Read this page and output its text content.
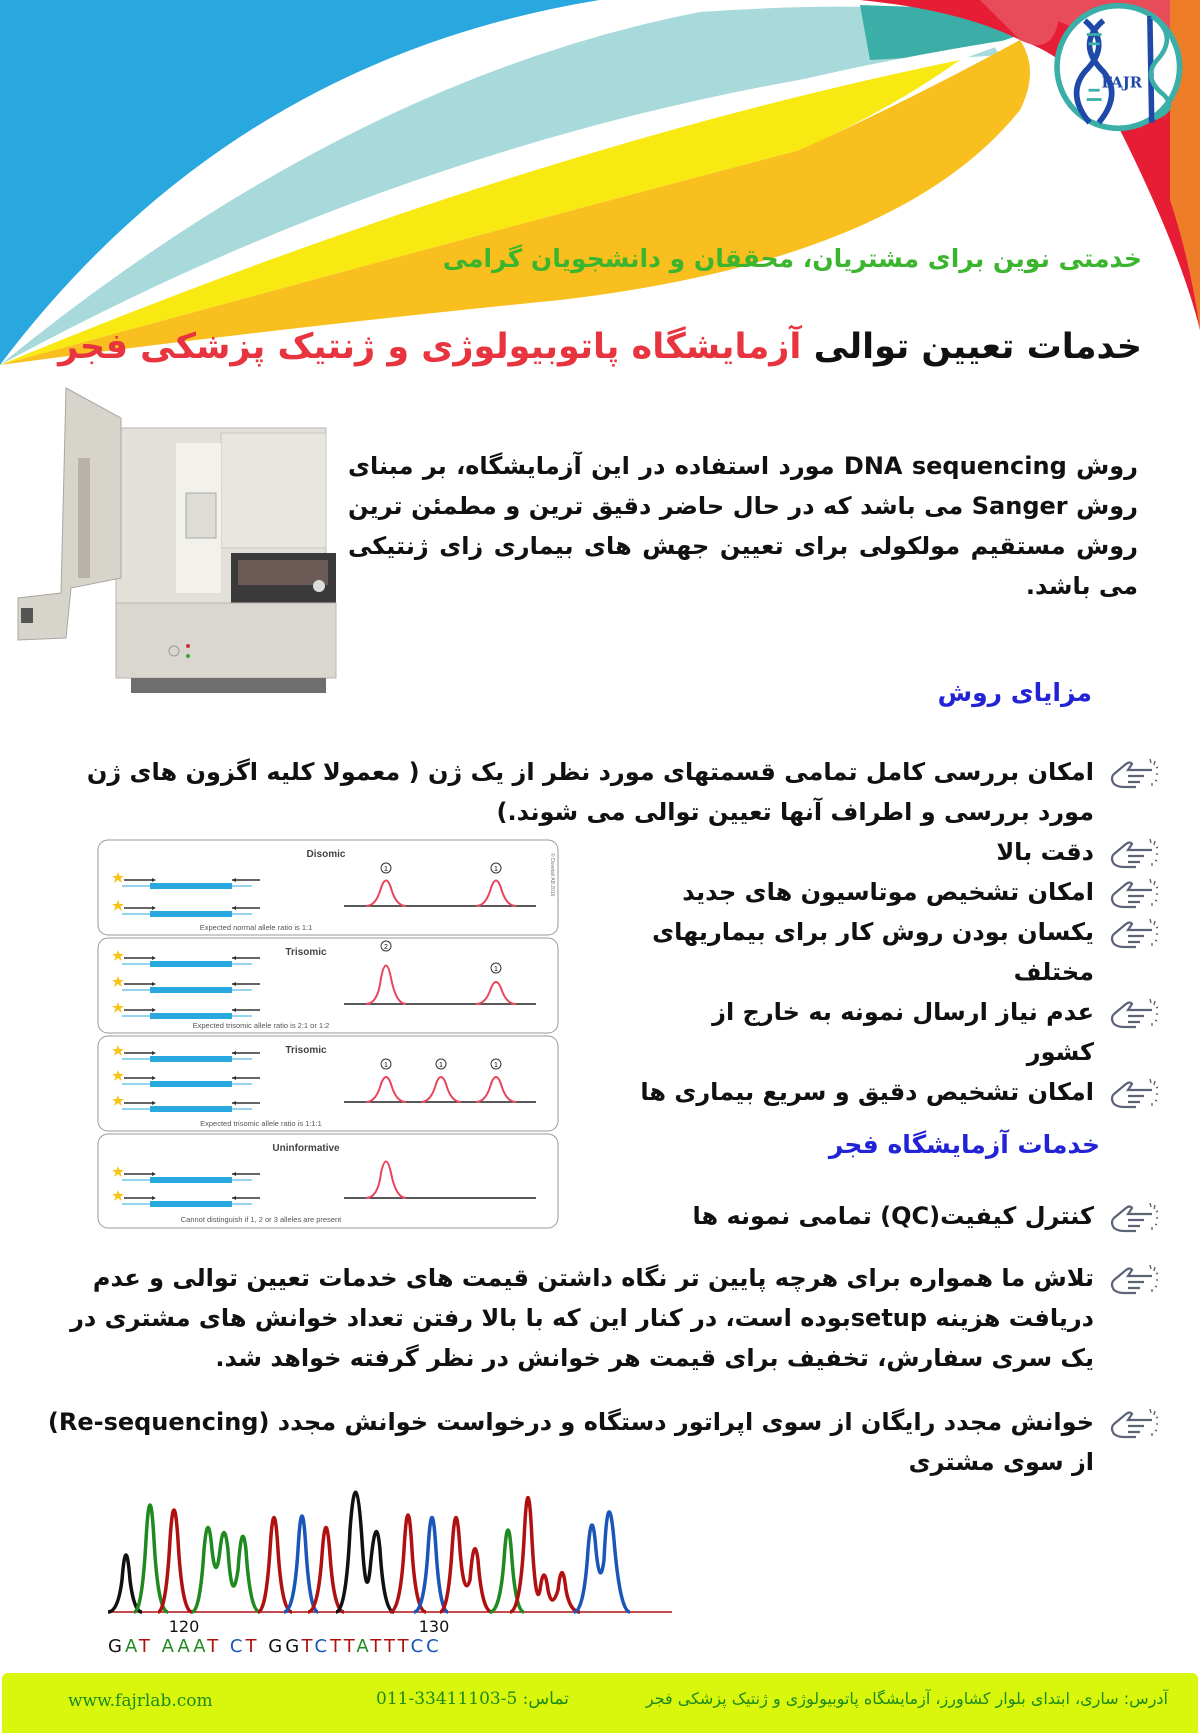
FAJR
خدمتی نوین برای مشتریان، محققان و دانشجویان گرامی
خدمات تعیین توالی آزمایشگاه پاتوبیولوژی و ژنتیک پزشکی فجر
روش DNA sequencing مورد استفاده در این آزمایشگاه، بر مبنای روش Sanger می باشد که در حال حاضر دقیق ترین و مطمئن ترین روش مستقیم مولکولی برای تعیین جهش های بیماری زای ژنتیکی می باشد.
مزایای روش
امکان بررسی کامل تمامی قسمتهای مورد نظر از یک ژن ( معمولا کلیه اگزون های ژن مورد بررسی و اطراف آنها تعیین توالی می شوند.)
دقت بالا
امکان تشخیص موتاسیون های جدید
یکسان بودن روش کار برای بیماریهای مختلف
عدم نیاز ارسال نمونه به خارج از کشور
امکان تشخیص دقیق و سریع بیماری ها
Disomic
1	1
Expected normal allele ratio is 1:1
© Dovetail AB 2016
Trisomic	2
1
Expected trisomic allele ratio is 2:1 or 1:2
Trisomic
1	1	1
Expected trisomic allele ratio is 1:1:1
Uninformative
Cannot distinguish if 1, 2 or 3 alleles are present
خدمات آزمایشگاه فجر
کنترل کیفیت(QC) تمامی نمونه ها
تلاش ما همواره برای هرچه پایین تر نگاه داشتن قیمت های خدمات تعیین توالی و عدم دریافت هزینه setupبوده است، در کنار این که با بالا رفتن تعداد خوانش های مشتری در یک سری سفارش، تخفیف برای قیمت هر خوانش در نظر گرفته خواهد شد.
خوانش مجدد رایگان از سوی اپراتور دستگاه و درخواست خوانش مجدد (Re-sequencing) از سوی مشتری
120	130
GAT AAAT CT GGTCTTATTTCC
www.fajrlab.com	تماس: 011-33411103-5	آدرس: ساری، ابتدای بلوار کشاورز، آزمایشگاه پاتوبیولوژی و ژنتیک پزشکی فجر
